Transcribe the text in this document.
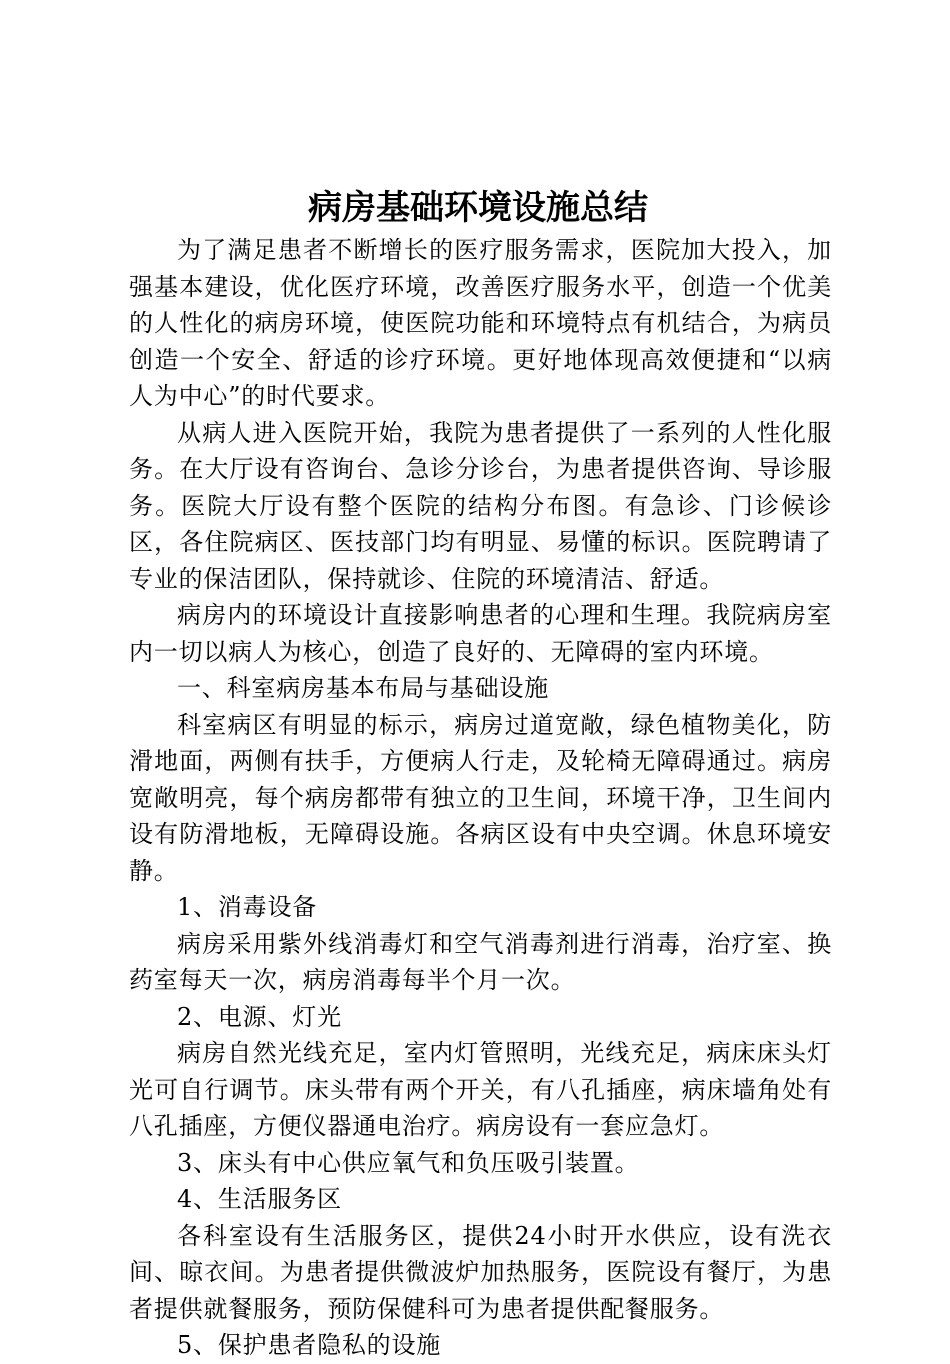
病房基础环境设施总结

为了满足患者不断增长的医疗服务需求，医院加大投入，加强基本建设，优化医疗环境，改善医疗服务水平，创造一个优美的人性化的病房环境，使医院功能和环境特点有机结合，为病员创造一个安全、舒适的诊疗环境。更好地体现高效便捷和“以病人为中心”的时代要求。

从病人进入医院开始，我院为患者提供了一系列的人性化服务。在大厅设有咨询台、急诊分诊台，为患者提供咨询、导诊服务。医院大厅设有整个医院的结构分布图。有急诊、门诊候诊区，各住院病区、医技部门均有明显、易懂的标识。医院聘请了专业的保洁团队，保持就诊、住院的环境清洁、舒适。

病房内的环境设计直接影响患者的心理和生理。我院病房室内一切以病人为核心，创造了良好的、无障碍的室内环境。

一、科室病房基本布局与基础设施

科室病区有明显的标示，病房过道宽敞，绿色植物美化，防滑地面，两侧有扶手，方便病人行走，及轮椅无障碍通过。病房宽敞明亮，每个病房都带有独立的卫生间，环境干净，卫生间内设有防滑地板，无障碍设施。各病区设有中央空调。休息环境安静。

1、消毒设备

病房采用紫外线消毒灯和空气消毒剂进行消毒，治疗室、换药室每天一次，病房消毒每半个月一次。

2、电源、灯光

病房自然光线充足，室内灯管照明，光线充足，病床床头灯光可自行调节。床头带有两个开关，有八孔插座，病床墙角处有八孔插座，方便仪器通电治疗。病房设有一套应急灯。

3、床头有中心供应氧气和负压吸引装置。

4、生活服务区

各科室设有生活服务区，提供24小时开水供应，设有洗衣间、晾衣间。为患者提供微波炉加热服务，医院设有餐厅，为患者提供就餐服务，预防保健科可为患者提供配餐服务。

5、保护患者隐私的设施
